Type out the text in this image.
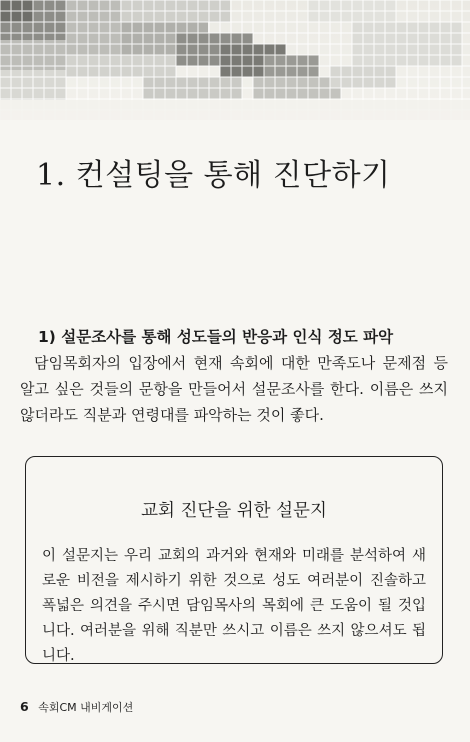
1. 컨설팅을 통해 진단하기
1) 설문조사를 통해 성도들의 반응과 인식 정도 파악
담임목회자의 입장에서 현재 속회에 대한 만족도나 문제점 등 알고 싶은 것들의 문항을 만들어서 설문조사를 한다. 이름은 쓰지 않더라도 직분과 연령대를 파악하는 것이 좋다.
교회 진단을 위한 설문지
이 설문지는 우리 교회의 과거와 현재와 미래를 분석하여 새로운 비전을 제시하기 위한 것으로 성도 여러분이 진솔하고 폭넓은 의견을 주시면 담임목사의 목회에 큰 도움이 될 것입니다. 여러분을 위해 직분만 쓰시고 이름은 쓰지 않으셔도 됩니다.
6 속회CM 내비게이션
